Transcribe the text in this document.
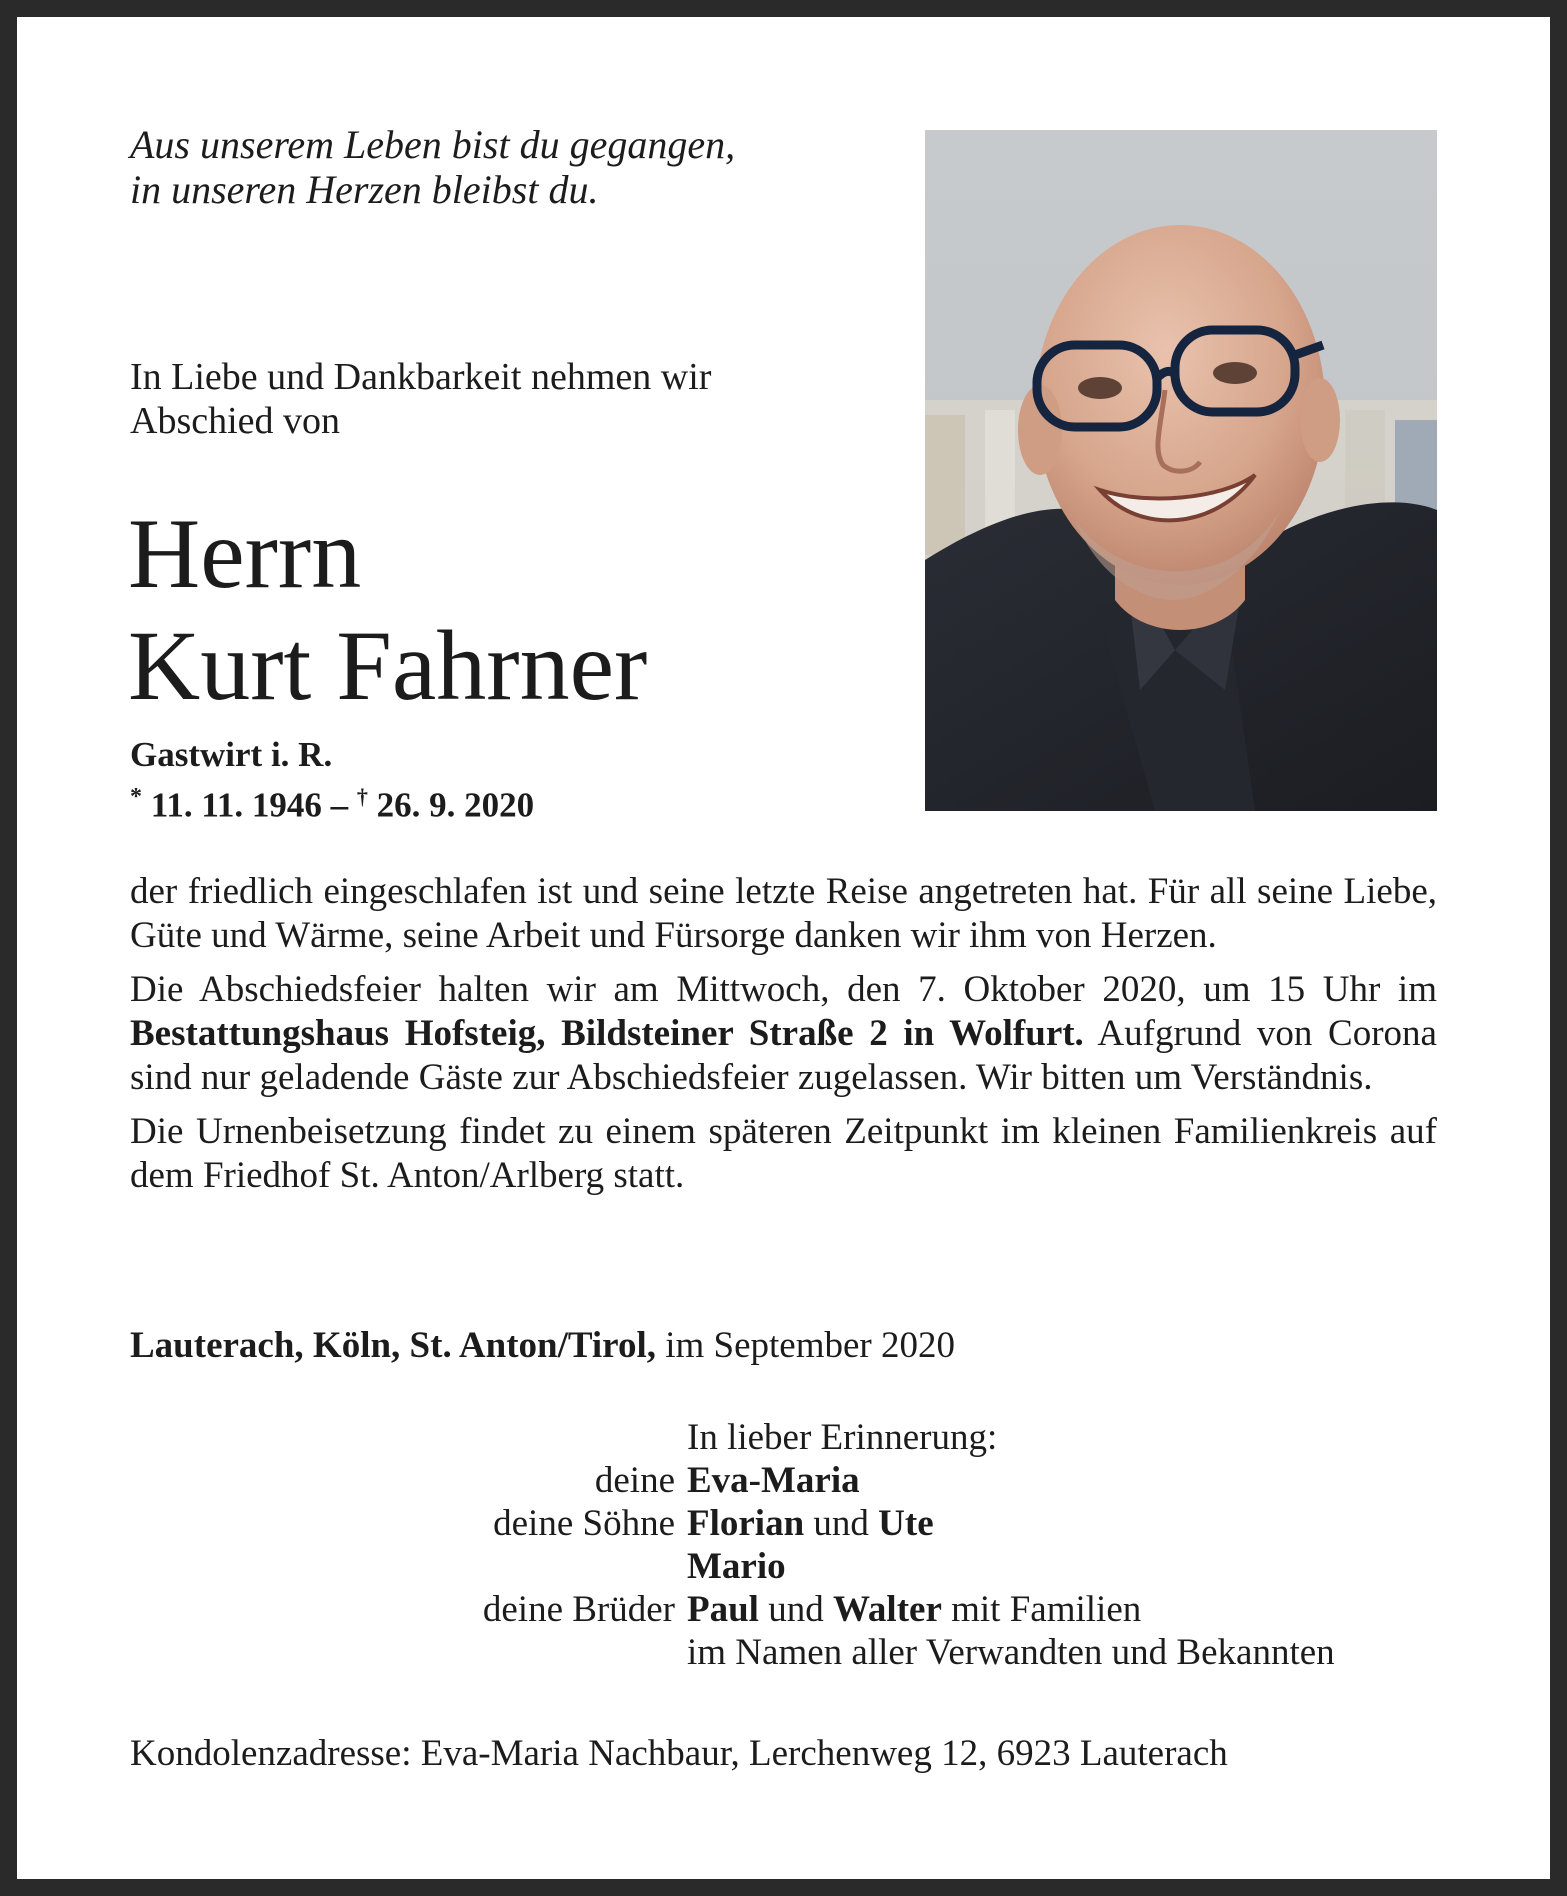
Aus unserem Leben bist du gegangen,
in unseren Herzen bleibst du.
In Liebe und Dankbarkeit nehmen wir
Abschied von
Herrn
Kurt Fahrner
Gastwirt i. R.
* 11. 11. 1946 – † 26. 9. 2020

der friedlich eingeschlafen ist und seine letzte Reise angetreten hat. Für all seine Liebe, Güte und Wärme, seine Arbeit und Fürsorge danken wir ihm von Herzen.

Die Abschiedsfeier halten wir am Mittwoch, den 7. Oktober 2020, um 15 Uhr im Bestattungshaus Hofsteig, Bildsteiner Straße 2 in Wolfurt. Aufgrund von Corona sind nur geladende Gäste zur Abschiedsfeier zugelassen. Wir bitten um Verständnis.

Die Urnenbeisetzung findet zu einem späteren Zeitpunkt im kleinen Familienkreis auf dem Friedhof St. Anton/Arlberg statt.

Lauterach, Köln, St. Anton/Tirol, im September 2020
In lieber Erinnerung:
deine Eva-Maria
deine Söhne Florian und Ute
Mario
deine Brüder Paul und Walter mit Familien
im Namen aller Verwandten und Bekannten
Kondolenzadresse: Eva-Maria Nachbaur, Lerchenweg 12, 6923 Lauterach
